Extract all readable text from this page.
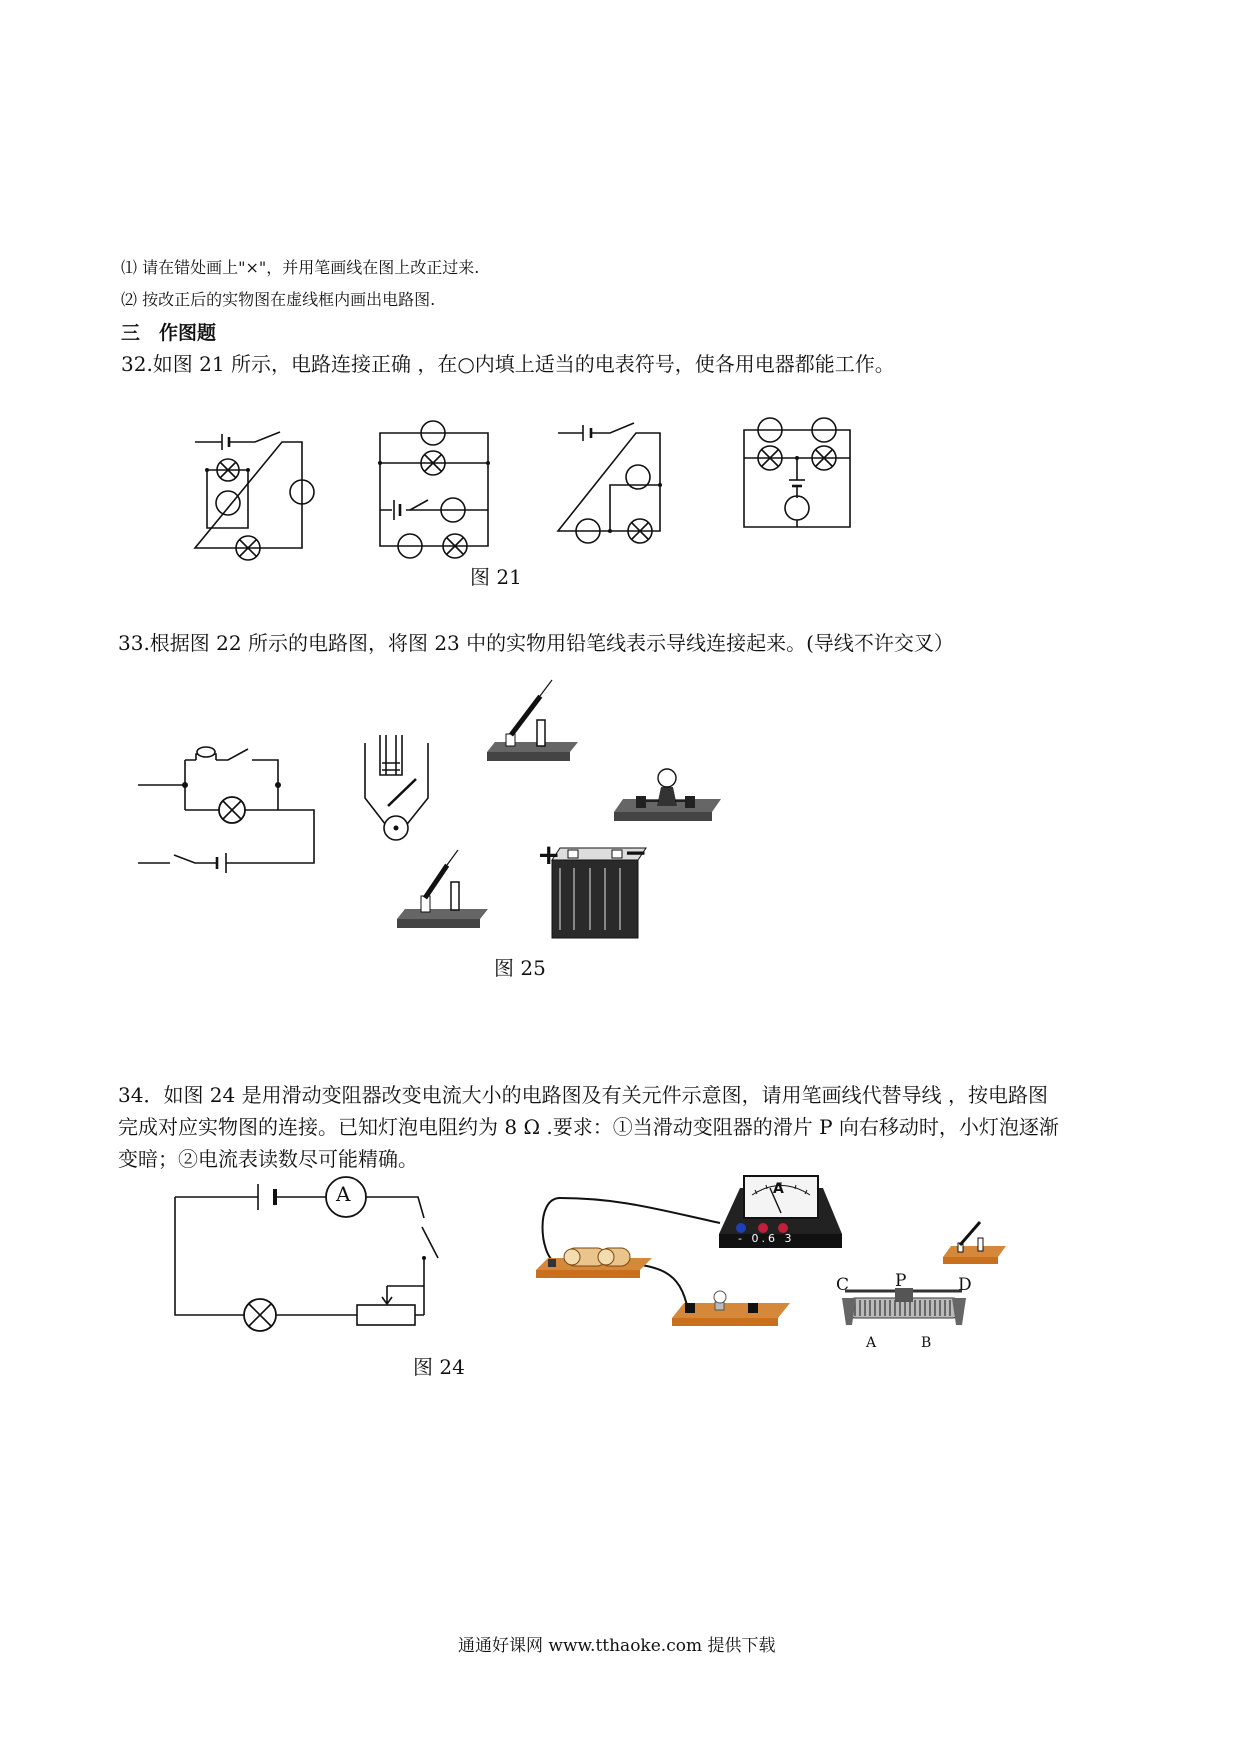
⑴ 请在错处画上"×"，并用笔画线在图上改正过来.
⑵ 按改正后的实物图在虚线框内画出电路图.
三　作图题
32.如图 21 所示，电路连接正确 ，在○内填上适当的电表符号，使各用电器都能工作。
图 21
33.根据图 22 所示的电路图，将图 23 中的实物用铅笔线表示导线连接起来。(导线不许交叉）
+ −
图 25
34．如图 24 是用滑动变阻器改变电流大小的电路图及有关元件示意图，请用笔画线代替导线 ，按电路图
完成对应实物图的连接。已知灯泡电阻约为 8 Ω .要求：①当滑动变阻器的滑片 P 向右移动时，小灯泡逐渐
变暗；②电流表读数尽可能精确。
A
图 24
A
- 0.6 3
C	P	D
A	B
通通好课网 www.tthaoke.com 提供下载
